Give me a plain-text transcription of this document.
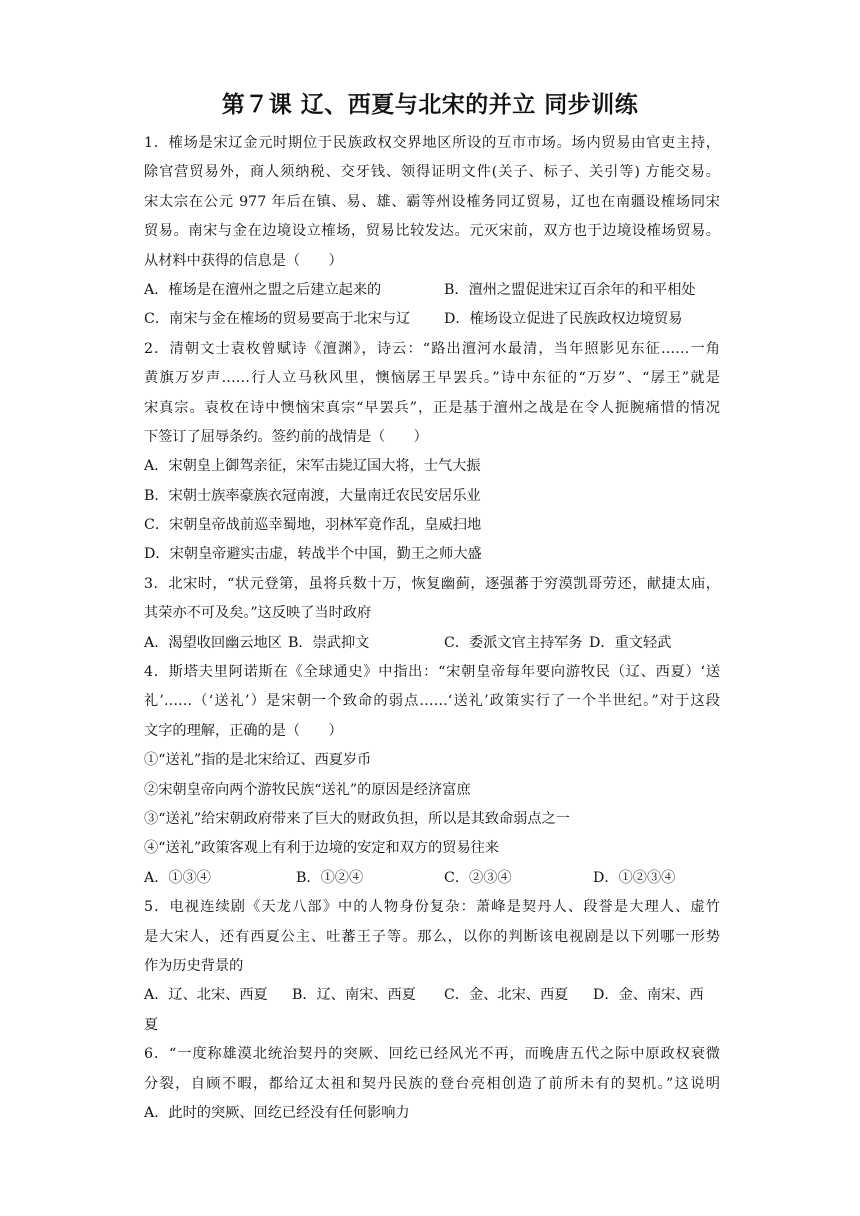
第７课 辽、西夏与北宋的并立 同步训练
1．榷场是宋辽金元时期位于民族政权交界地区所设的互市市场。场内贸易由官吏主持，
除官营贸易外，商人须纳税、交牙钱、领得证明文件(关子、标子、关引等) 方能交易。
宋太宗在公元 977 年后在镇、易、雄、霸等州设榷务同辽贸易，辽也在南疆设榷场同宋
贸易。南宋与金在边境设立榷场，贸易比较发达。元灭宋前，双方也于边境设榷场贸易。
从材料中获得的信息是（　　）
A．榷场是在澶州之盟之后建立起来的	B．澶州之盟促进宋辽百余年的和平相处
C．南宋与金在榷场的贸易要高于北宋与辽 D．榷场设立促进了民族政权边境贸易
2．清朝文士袁枚曾赋诗《澶渊》，诗云：“路出澶河水最清，当年照影见东征……一角
黄旗万岁声……行人立马秋风里，懊恼孱王早罢兵。”诗中东征的“万岁”、“孱王”就是
宋真宗。袁枚在诗中懊恼宋真宗“早罢兵”，正是基于澶州之战是在令人扼腕痛惜的情况
下签订了屈辱条约。签约前的战情是（　　）
A．宋朝皇上御驾亲征，宋军击毙辽国大将，士气大振
B．宋朝士族率豪族衣冠南渡，大量南迁农民安居乐业
C．宋朝皇帝战前巡幸蜀地，羽林军竟作乱，皇威扫地
D．宋朝皇帝避实击虚，转战半个中国，勤王之师大盛
3．北宋时，“状元登第，虽将兵数十万，恢复幽蓟，逐强蕃于穷漠凯哥劳还，献捷太庙，
其荣亦不可及矣。”这反映了当时政府
A．渴望收回幽云地区 B．崇武抑文	C．委派文官主持军务 D．重文轻武
4．斯塔夫里阿诺斯在《全球通史》中指出：“宋朝皇帝每年要向游牧民（辽、西夏）‘送
礼’……（‘送礼’）是宋朝一个致命的弱点……‘送礼’政策实行了一个半世纪。”对于这段
文字的理解，正确的是（　　）
①“送礼”指的是北宋给辽、西夏岁币
②宋朝皇帝向两个游牧民族“送礼”的原因是经济富庶
③“送礼”给宋朝政府带来了巨大的财政负担，所以是其致命弱点之一
④“送礼”政策客观上有利于边境的安定和双方的贸易往来
A．①③④	B．①②④	C．②③④	D．①②③④
5．电视连续剧《天龙八部》中的人物身份复杂：萧峰是契丹人、段誉是大理人、虚竹
是大宋人，还有西夏公主、吐蕃王子等。那么，以你的判断该电视剧是以下列哪一形势
作为历史背景的
A．辽、北宋、西夏 B．辽、南宋、西夏 C．金、北宋、西夏 D．金、南宋、西
夏
6．“一度称雄漠北统治契丹的突厥、回纥已经风光不再，而晚唐五代之际中原政权衰微
分裂，自顾不暇，都给辽太祖和契丹民族的登台亮相创造了前所未有的契机。”这说明
A．此时的突厥、回纥已经没有任何影响力
